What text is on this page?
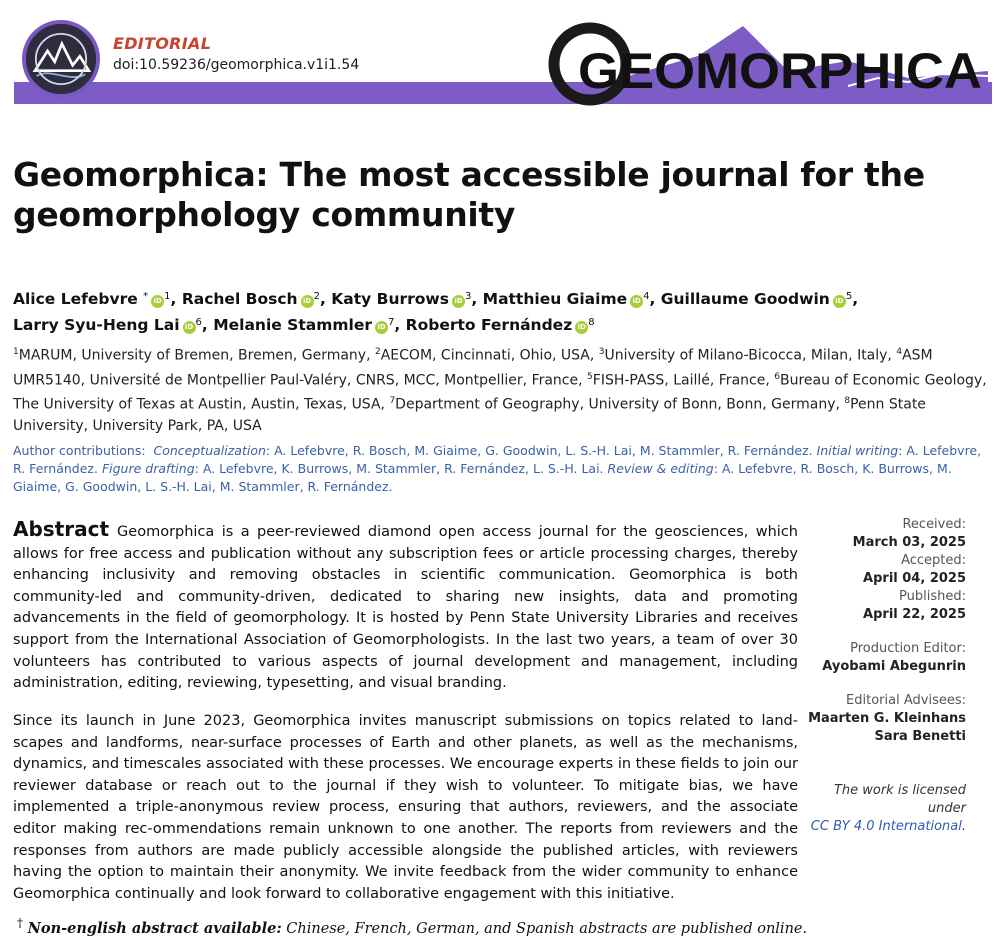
EDITORIAL
doi:10.59236/geomorphica.v1i1.54	GEOMORPHICA
Geomorphica: The most accessible journal for the geomorphology community
Alice Lefebvre * iD $^1$, Rachel Bosch iD $^2$, Katy Burrows iD $^3$, Matthieu Giaime iD $^4$, Guillaume Goodwin iD $^5$,
Larry Syu-Heng Lai iD $^6$, Melanie Stammler iD $^7$, Roberto Fernández iD $^8$
$^1$MARUM, University of Bremen, Bremen, Germany, $^2$AECOM, Cincinnati, Ohio, USA, $^3$University of Milano-Bicocca, Milan, Italy, $^4$ASM UMR5140, Université de Montpellier Paul-Valéry, CNRS, MCC, Montpellier, France, $^5$FISH-PASS, Laillé, France, $^6$Bureau of Economic Geology, The University of Texas at Austin, Austin, Texas, USA, $^7$Department of Geography, University of Bonn, Bonn, Germany, $^8$Penn State University, University Park, PA, USA
Author contributions: Conceptualization: A. Lefebvre, R. Bosch, M. Giaime, G. Goodwin, L. S.-H. Lai, M. Stammler, R. Fernández. Initial writing: A. Lefebvre, R. Fernández. Figure drafting: A. Lefebvre, K. Burrows, M. Stammler, R. Fernández, L. S.-H. Lai. Review & editing: A. Lefebvre, R. Bosch, K. Burrows, M. Giaime, G. Goodwin, L. S.-H. Lai, M. Stammler, R. Fernández.
Abstract Geomorphica is a peer-reviewed diamond open access journal for the geosciences, which allows for free access and publication without any subscription fees or article processing charges, thereby enhancing inclusivity and removing obstacles in scientific communication. Geomorphica is both community-led and community-driven, dedicated to sharing new insights, data and promoting advancements in the field of geomorphology. It is hosted by Penn State University Libraries and receives support from the International Association of Geomorphologists. In the last two years, a team of over 30 volunteers has contributed to various aspects of journal development and management, including administration, editing, reviewing, typesetting, and visual branding.
Since its launch in June 2023, Geomorphica invites manuscript submissions on topics related to land-scapes and landforms, near-surface processes of Earth and other planets, as well as the mechanisms, dynamics, and timescales associated with these processes. We encourage experts in these fields to join our reviewer database or reach out to the journal if they wish to volunteer. To mitigate bias, we have implemented a triple-anonymous review process, ensuring that authors, reviewers, and the associate editor making rec-ommendations remain unknown to one another. The reports from reviewers and the responses from authors are made publicly accessible alongside the published articles, with reviewers having the option to maintain their anonymity. We invite feedback from the wider community to enhance Geomorphica continually and look forward to collaborative engagement with this initiative.
Received:
March 03, 2025
Accepted:
April 04, 2025
Published:
April 22, 2025
Production Editor:
Ayobami Abegunrin
Editorial Advisees:
Maarten G. Kleinhans
Sara Benetti
The work is licensed under
CC BY 4.0 International.
† Non-english abstract available: Chinese, French, German, and Spanish abstracts are published online.
